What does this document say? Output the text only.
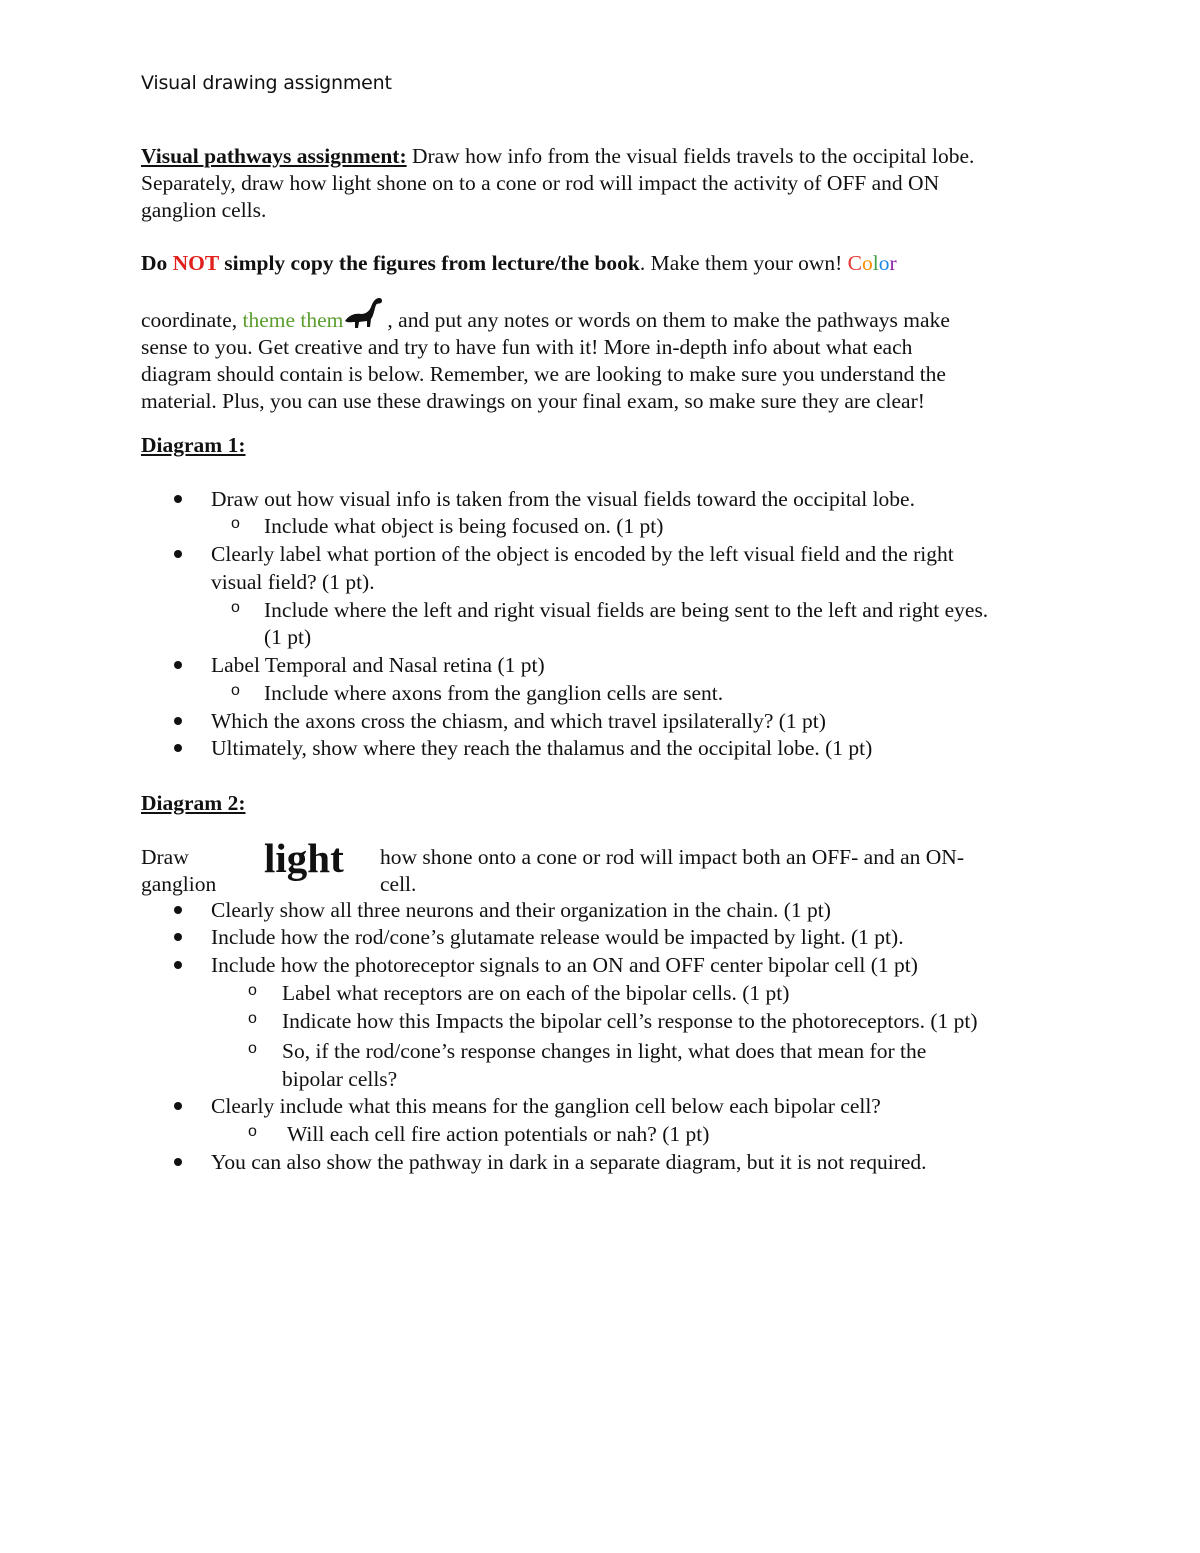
Visual drawing assignment
Visual pathways assignment: Draw how info from the visual fields travels to the occipital lobe.
Separately, draw how light shone on to a cone or rod will impact the activity of OFF and ON
ganglion cells.
Do NOT simply copy the figures from lecture/the book. Make them your own! Color
coordinate, theme them , and put any notes or words on them to make the pathways make
sense to you. Get creative and try to have fun with it! More in-depth info about what each
diagram should contain is below. Remember, we are looking to make sure you understand the
material. Plus, you can use these drawings on your final exam, so make sure they are clear!
Diagram 1:
Draw out how visual info is taken from the visual fields toward the occipital lobe.
o Include what object is being focused on. (1 pt)
Clearly label what portion of the object is encoded by the left visual field and the right
visual field? (1 pt).
o Include where the left and right visual fields are being sent to the left and right eyes.
(1 pt)
Label Temporal and Nasal retina (1 pt)
o Include where axons from the ganglion cells are sent.
Which the axons cross the chiasm, and which travel ipsilaterally? (1 pt)
Ultimately, show where they reach the thalamus and the occipital lobe. (1 pt)
Diagram 2:
Draw
ganglion
light how shone onto a cone or rod will impact both an OFF- and an ON-
cell.
Clearly show all three neurons and their organization in the chain. (1 pt)
Include how the rod/cone’s glutamate release would be impacted by light. (1 pt).
Include how the photoreceptor signals to an ON and OFF center bipolar cell (1 pt)
o Label what receptors are on each of the bipolar cells. (1 pt)
o Indicate how this Impacts the bipolar cell’s response to the photoreceptors. (1 pt)
o So, if the rod/cone’s response changes in light, what does that mean for the
bipolar cells?
Clearly include what this means for the ganglion cell below each bipolar cell?
o Will each cell fire action potentials or nah? (1 pt)
You can also show the pathway in dark in a separate diagram, but it is not required.
